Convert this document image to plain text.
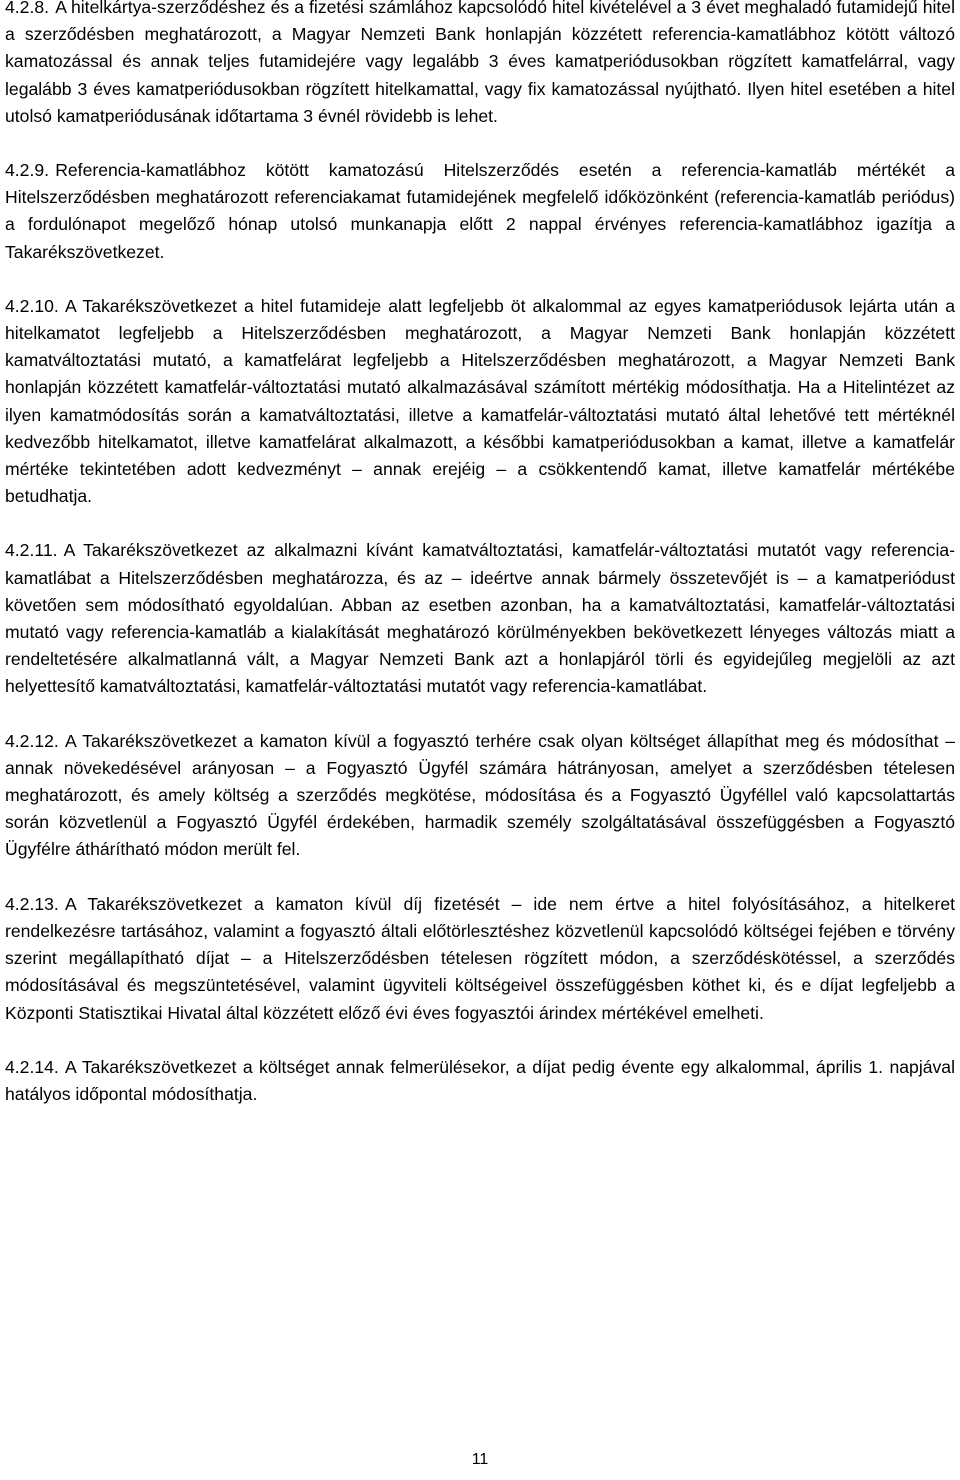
4.2.8. A hitelkártya-szerződéshez és a fizetési számlához kapcsolódó hitel kivételével a 3 évet meghaladó futamidejű hitel a szerződésben meghatározott, a Magyar Nemzeti Bank honlapján közzétett referencia-kamatlábhoz kötött változó kamatozással és annak teljes futamidejére vagy legalább 3 éves kamatperiódusokban rögzített kamatfelárral, vagy legalább 3 éves kamatperiódusokban rögzített hitelkamattal, vagy fix kamatozással nyújtható. Ilyen hitel esetében a hitel utolsó kamatperiódusának időtartama 3 évnél rövidebb is lehet.

4.2.9. Referencia-kamatlábhoz kötött kamatozású Hitelszerződés esetén a referencia-kamatláb mértékét a Hitelszerződésben meghatározott referenciakamat futamidejének megfelelő időközönként (referencia-kamatláb periódus) a fordulónapot megelőző hónap utolsó munkanapja előtt 2 nappal érvényes referencia-kamatlábhoz igazítja a Takarékszövetkezet.

4.2.10. A Takarékszövetkezet a hitel futamideje alatt legfeljebb öt alkalommal az egyes kamatperiódusok lejárta után a hitelkamatot legfeljebb a Hitelszerződésben meghatározott, a Magyar Nemzeti Bank honlapján közzétett kamatváltoztatási mutató, a kamatfelárat legfeljebb a Hitelszerződésben meghatározott, a Magyar Nemzeti Bank honlapján közzétett kamatfelár-változtatási mutató alkalmazásával számított mértékig módosíthatja. Ha a Hitelintézet az ilyen kamatmódosítás során a kamatváltoztatási, illetve a kamatfelár-változtatási mutató által lehetővé tett mértéknél kedvezőbb hitelkamatot, illetve kamatfelárat alkalmazott, a későbbi kamatperiódusokban a kamat, illetve a kamatfelár mértéke tekintetében adott kedvezményt – annak erejéig – a csökkentendő kamat, illetve kamatfelár mértékébe betudhatja.

4.2.11. A Takarékszövetkezet az alkalmazni kívánt kamatváltoztatási, kamatfelár-változtatási mutatót vagy referencia-kamatlábat a Hitelszerződésben meghatározza, és az – ideértve annak bármely összetevőjét is – a kamatperiódust követően sem módosítható egyoldalúan. Abban az esetben azonban, ha a kamatváltoztatási, kamatfelár-változtatási mutató vagy referencia-kamatláb a kialakítását meghatározó körülményekben bekövetkezett lényeges változás miatt a rendeltetésére alkalmatlanná vált, a Magyar Nemzeti Bank azt a honlapjáról törli és egyidejűleg megjelöli az azt helyettesítő kamatváltoztatási, kamatfelár-változtatási mutatót vagy referencia-kamatlábat.

4.2.12. A Takarékszövetkezet a kamaton kívül a fogyasztó terhére csak olyan költséget állapíthat meg és módosíthat – annak növekedésével arányosan – a Fogyasztó Ügyfél számára hátrányosan, amelyet a szerződésben tételesen meghatározott, és amely költség a szerződés megkötése, módosítása és a Fogyasztó Ügyféllel való kapcsolattartás során közvetlenül a Fogyasztó Ügyfél érdekében, harmadik személy szolgáltatásával összefüggésben a Fogyasztó Ügyfélre áthárítható módon merült fel.

4.2.13. A Takarékszövetkezet a kamaton kívül díj fizetését – ide nem értve a hitel folyósításához, a hitelkeret rendelkezésre tartásához, valamint a fogyasztó általi előtörlesztéshez közvetlenül kapcsolódó költségei fejében e törvény szerint megállapítható díjat – a Hitelszerződésben tételesen rögzített módon, a szerződéskötéssel, a szerződés módosításával és megszüntetésével, valamint ügyviteli költségeivel összefüggésben köthet ki, és e díjat legfeljebb a Központi Statisztikai Hivatal által közzétett előző évi éves fogyasztói árindex mértékével emelheti.

4.2.14. A Takarékszövetkezet a költséget annak felmerülésekor, a díjat pedig évente egy alkalommal, április 1. napjával hatályos időpontal módosíthatja.

11
